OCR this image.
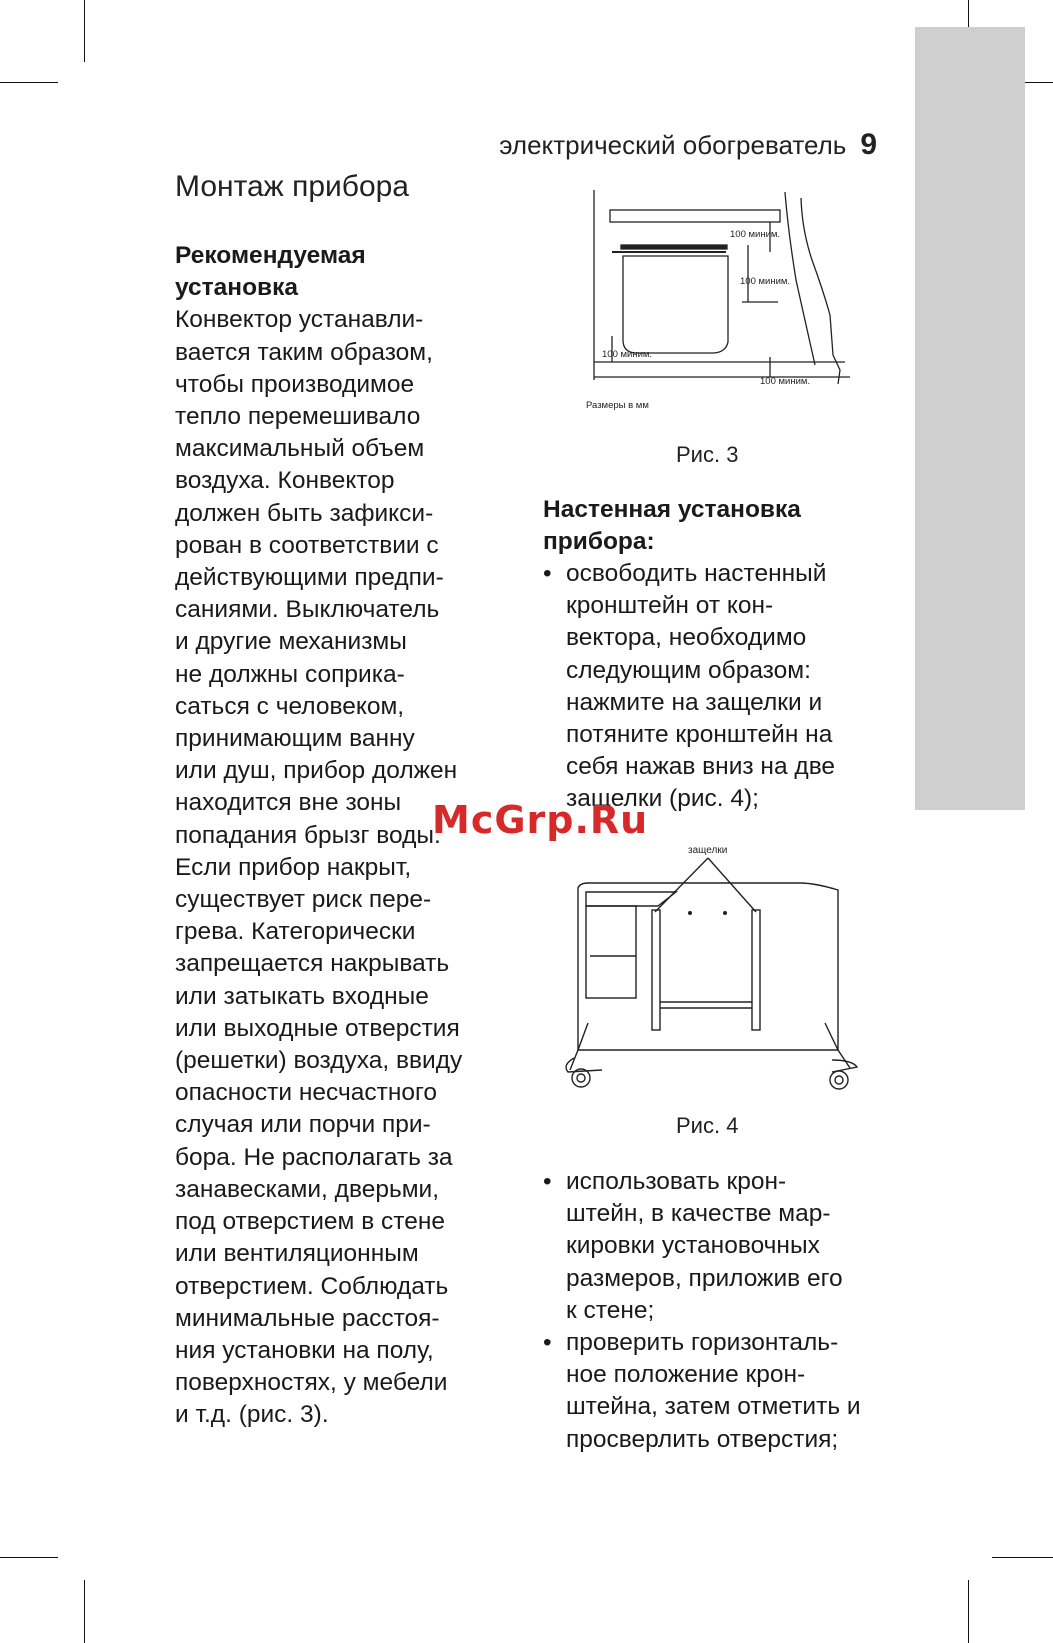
электрический обогреватель 9
Монтаж прибора
Рекомендуемая
установка

Конвектор устанавли-
вается таким образом,
чтобы производимое
тепло перемешивало
максимальный объем
воздуха. Конвектор
должен быть зафикси-
рован в соответствии с
действующими предпи-
саниями. Выключатель
и другие механизмы
не должны соприка-
саться с человеком,
принимающим ванну
или душ, прибор должен
находится вне зоны
попадания брызг воды.
Если прибор накрыт,
существует риск пере-
грева. Категорически
запрещается накрывать
или затыкать входные
или выходные отверстия
(решетки) воздуха, ввиду
опасности несчастного
случая или порчи при-
бора. Не располагать за
занавесками, дверьми,
под отверстием в стене
или вентиляционным
отверстием. Соблюдать
минимальные расстоя-
ния установки на полу,
поверхностях, у мебели
и т.д. (рис. 3).

100 миним.
100 миним.
100 миним.
100 миним.
Размеры в мм
Рис. 3
Настенная установка
прибора:
• освободить настенный
кронштейн от кон-
вектора, необходимо
следующим образом:
нажмите на защелки и
потяните кронштейн на
себя нажав вниз на две
защелки (рис. 4);
защелки
Рис. 4
• использовать крон-
штейн, в качестве мар-
кировки установочных
размеров, приложив его
к стене;
• проверить горизонталь-
ное положение крон-
штейна, затем отметить и
просверлить отверстия;
McGrp.Ru
